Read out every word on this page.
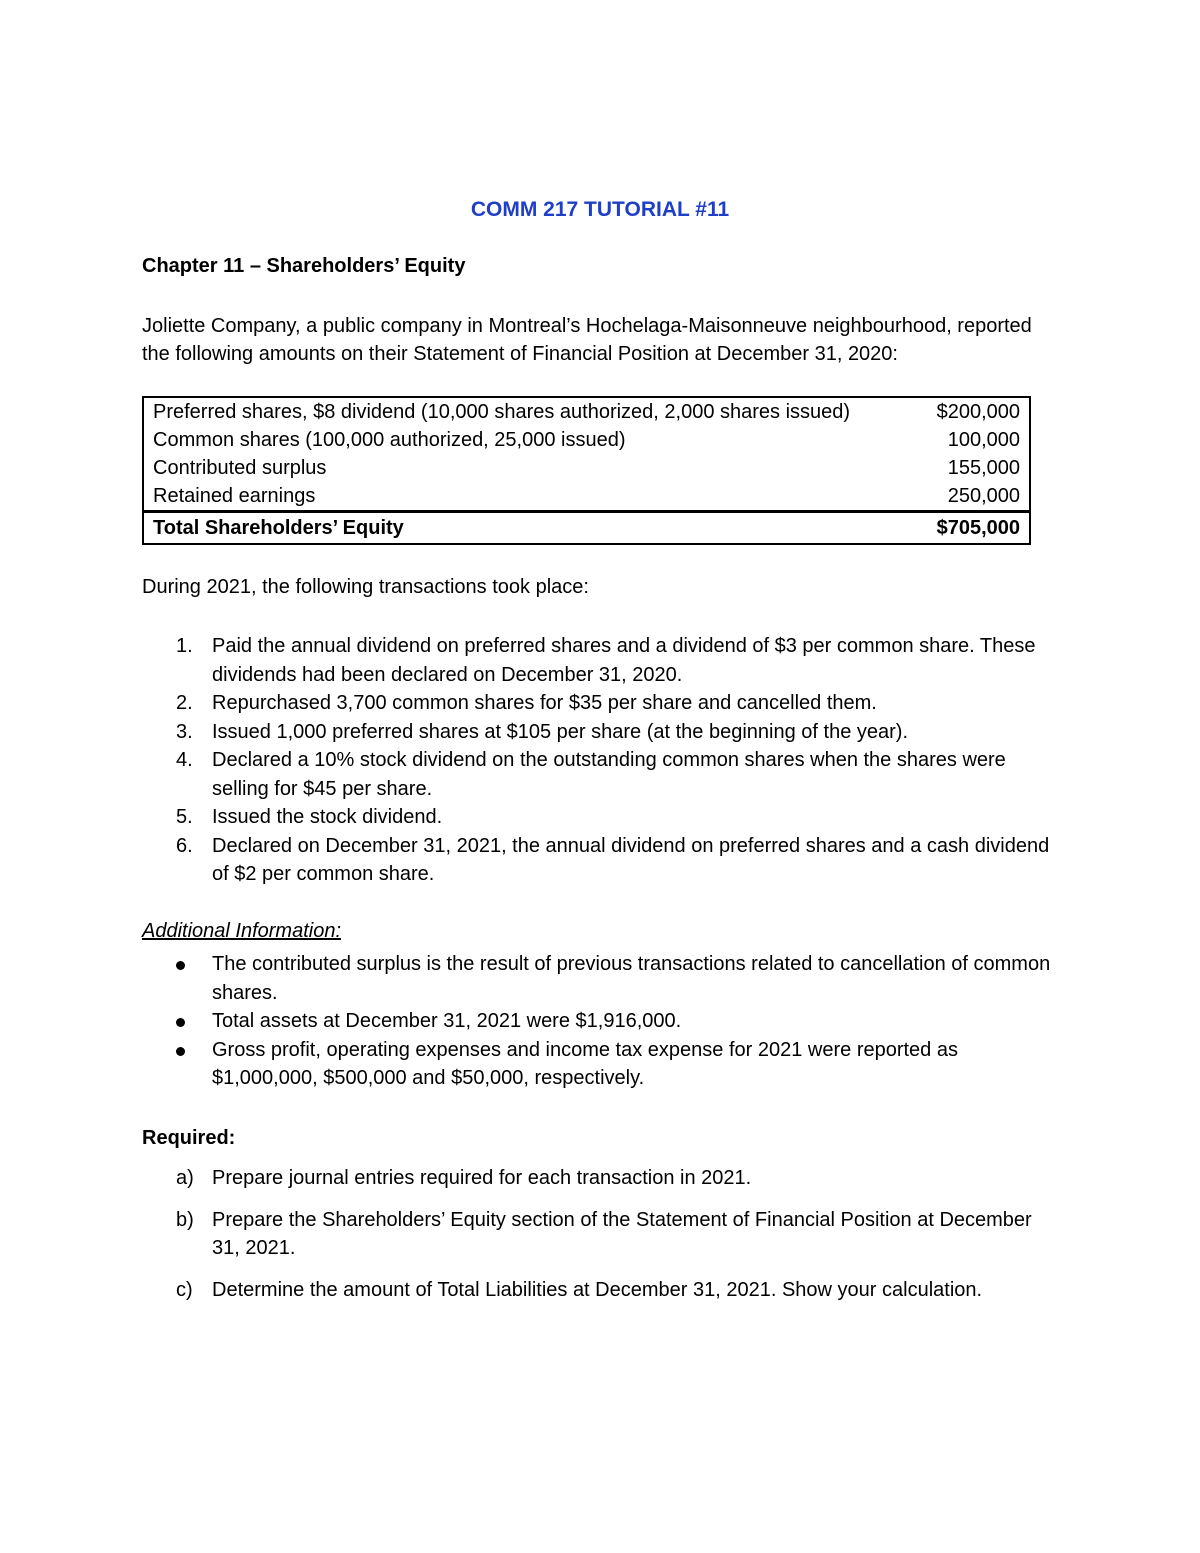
COMM 217 TUTORIAL #11
Chapter 11 – Shareholders’ Equity
Joliette Company, a public company in Montreal’s Hochelaga-Maisonneuve neighbourhood, reported the following amounts on their Statement of Financial Position at December 31, 2020:
Preferred shares, $8 dividend (10,000 shares authorized, 2,000 shares issued)	$200,000
Common shares (100,000 authorized, 25,000 issued)	100,000
Contributed surplus	155,000
Retained earnings	250,000
Total Shareholders’ Equity	$705,000
During 2021, the following transactions took place:
1. Paid the annual dividend on preferred shares and a dividend of $3 per common share. These dividends had been declared on December 31, 2020.
2. Repurchased 3,700 common shares for $35 per share and cancelled them.
3. Issued 1,000 preferred shares at $105 per share (at the beginning of the year).
4. Declared a 10% stock dividend on the outstanding common shares when the shares were selling for $45 per share.
5. Issued the stock dividend.
6. Declared on December 31, 2021, the annual dividend on preferred shares and a cash dividend of $2 per common share.
Additional Information:
The contributed surplus is the result of previous transactions related to cancellation of common shares.
Total assets at December 31, 2021 were $1,916,000.
Gross profit, operating expenses and income tax expense for 2021 were reported as $1,000,000, $500,000 and $50,000, respectively.
Required:
a) Prepare journal entries required for each transaction in 2021.
b) Prepare the Shareholders’ Equity section of the Statement of Financial Position at December 31, 2021.
c) Determine the amount of Total Liabilities at December 31, 2021. Show your calculation.
